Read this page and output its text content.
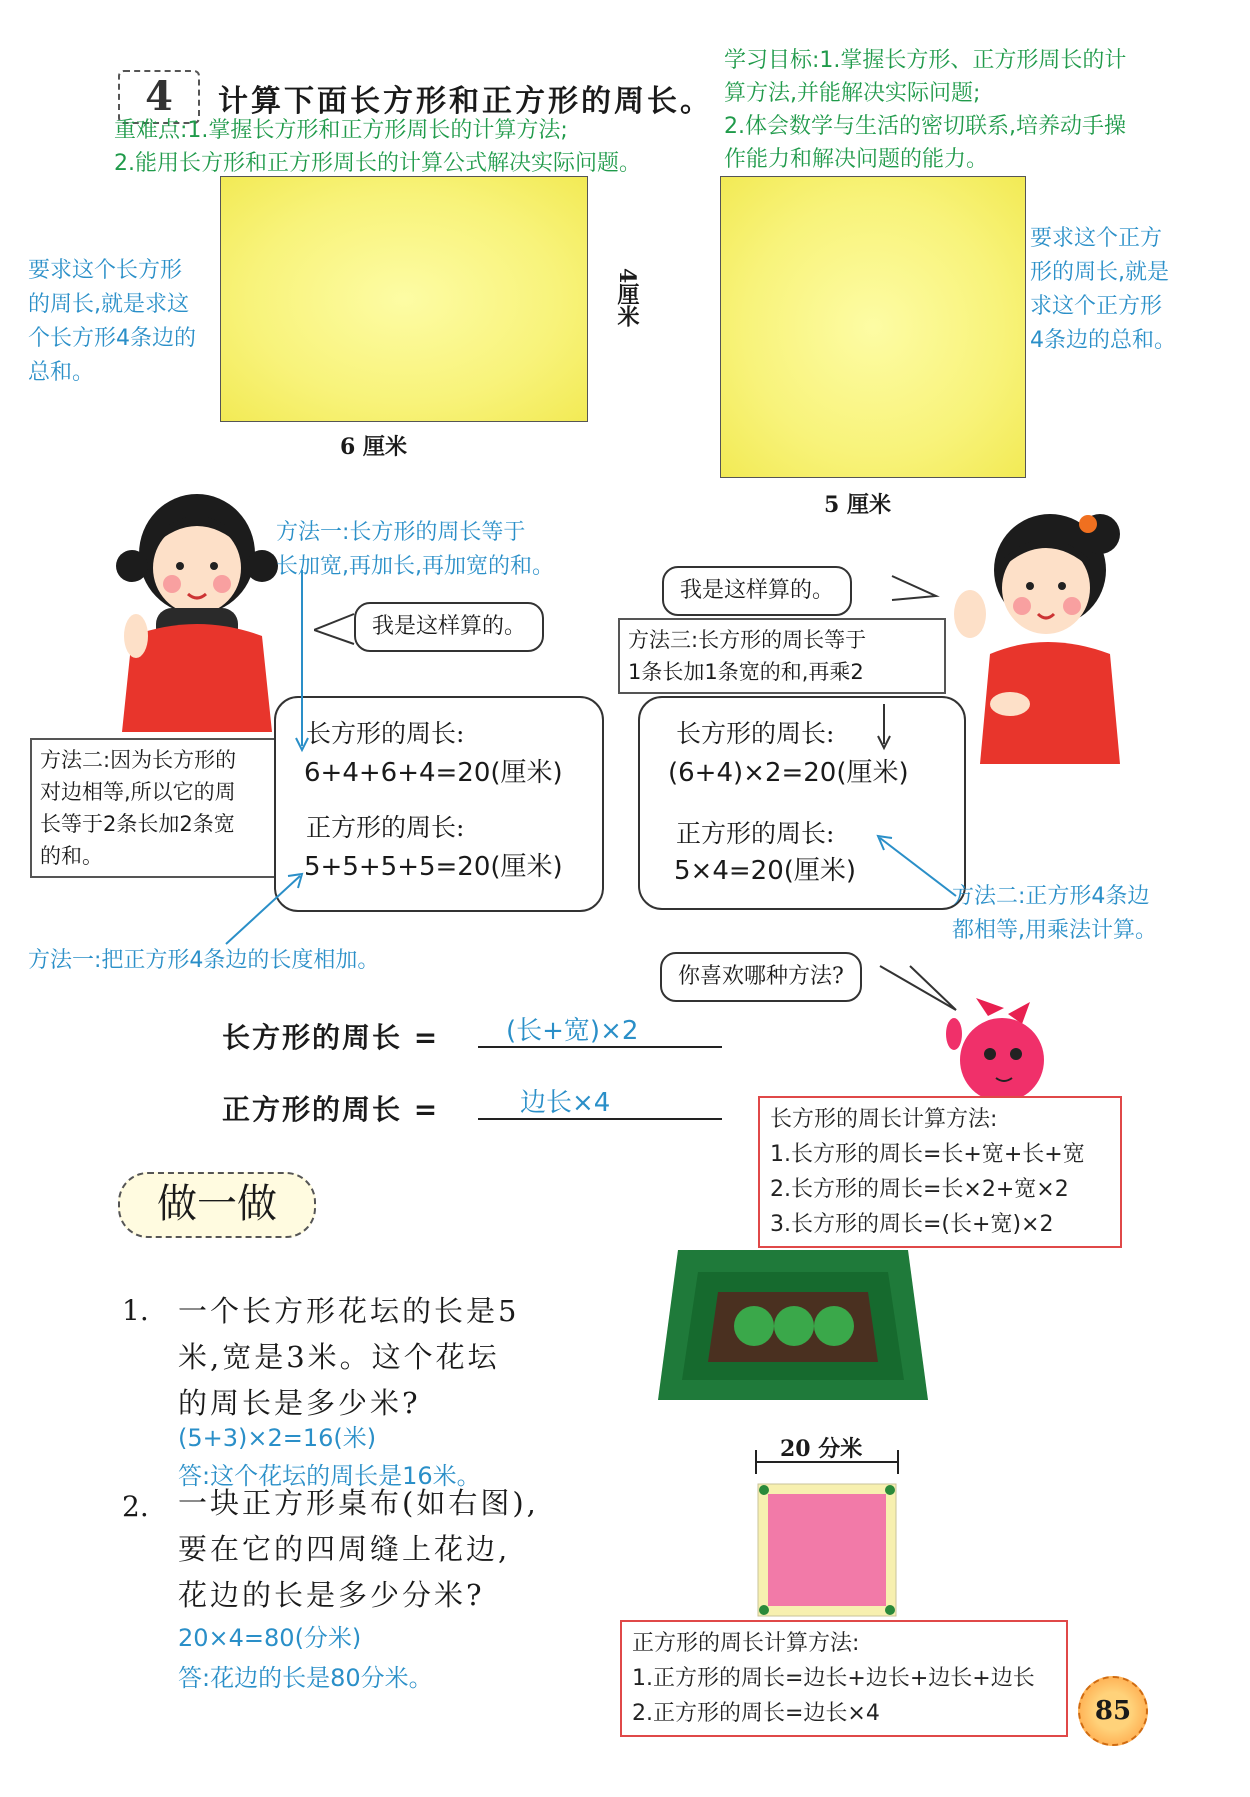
4	计算下面长方形和正方形的周长。
学习目标:1.掌握长方形、正方形周长的计
算方法,并能解决实际问题;
2.体会数学与生活的密切联系,培养动手操
作能力和解决问题的能力。
重难点:1.掌握长方形和正方形周长的计算方法;
2.能用长方形和正方形周长的计算公式解决实际问题。
要求这个长方形
的周长,就是求这
个长方形4条边的
总和。
4厘米
6 厘米
5 厘米
要求这个正方
形的周长,就是
求这个正方形
4条边的总和。
方法一:长方形的周长等于
长加宽,再加长,再加宽的和。
我是这样算的。
我是这样算的。
方法三:长方形的周长等于
1条长加1条宽的和,再乘2
方法二:因为长方形的
对边相等,所以它的周
长等于2条长加2条宽
的和。
长方形的周长:
6+4+6+4=20(厘米)
正方形的周长:
5+5+5+5=20(厘米)
长方形的周长:
(6+4)×2=20(厘米)
正方形的周长:
5×4=20(厘米)
方法一:把正方形4条边的长度相加。
方法二:正方形4条边
都相等,用乘法计算。
你喜欢哪种方法?
长方形的周长 =	(长+宽)×2
正方形的周长 =	边长×4
长方形的周长计算方法:
1.长方形的周长=长+宽+长+宽
2.长方形的周长=长×2+宽×2
3.长方形的周长=(长+宽)×2
做一做
1. 一个长方形花坛的长是5
米,宽是3米。这个花坛
的周长是多少米?
(5+3)×2=16(米)
答:这个花坛的周长是16米。
20 分米
2. 一块正方形桌布(如右图),
要在它的四周缝上花边,
花边的长是多少分米?
20×4=80(分米)
答:花边的长是80分米。
正方形的周长计算方法:
1.正方形的周长=边长+边长+边长+边长
2.正方形的周长=边长×4	85
